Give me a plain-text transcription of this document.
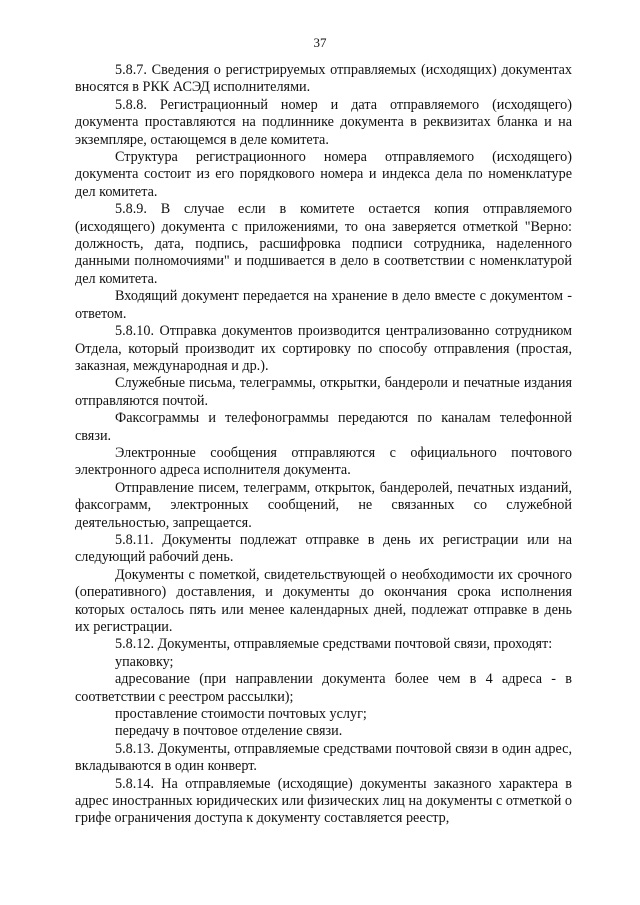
37

5.8.7. Сведения о регистрируемых отправляемых (исходящих) документах вносятся в РКК АСЭД исполнителями.

5.8.8. Регистрационный номер и дата отправляемого (исходящего) документа проставляются на подлиннике документа в реквизитах бланка и на экземпляре, остающемся в деле комитета.

Структура регистрационного номера отправляемого (исходящего) документа состоит из его порядкового номера и индекса дела по номенклатуре дел комитета.

5.8.9. В случае если в комитете остается копия отправляемого (исходящего) документа с приложениями, то она заверяется отметкой "Верно: должность, дата, подпись, расшифровка подписи сотрудника, наделенного данными полномочиями" и подшивается в дело в соответствии с номенклатурой дел комитета.

Входящий документ передается на хранение в дело вместе с документом - ответом.

5.8.10. Отправка документов производится централизованно сотрудником Отдела, который производит их сортировку по способу отправления (простая, заказная, международная и др.).

Служебные письма, телеграммы, открытки, бандероли и печатные издания отправляются почтой.

Факсограммы и телефонограммы передаются по каналам телефонной связи.

Электронные сообщения отправляются с официального почтового электронного адреса исполнителя документа.

Отправление писем, телеграмм, открыток, бандеролей, печатных изданий, факсограмм, электронных сообщений, не связанных со служебной деятельностью, запрещается.

5.8.11. Документы подлежат отправке в день их регистрации или на следующий рабочий день.

Документы с пометкой, свидетельствующей о необходимости их срочного (оперативного) доставления, и документы до окончания срока исполнения которых осталось пять или менее календарных дней, подлежат отправке в день их регистрации.

5.8.12. Документы, отправляемые средствами почтовой связи, проходят:

упаковку;

адресование (при направлении документа более чем в 4 адреса - в соответствии с реестром рассылки);

проставление стоимости почтовых услуг;

передачу в почтовое отделение связи.

5.8.13. Документы, отправляемые средствами почтовой связи в один адрес, вкладываются в один конверт.

5.8.14. На отправляемые (исходящие) документы заказного характера в адрес иностранных юридических или физических лиц на документы с отметкой о грифе ограничения доступа к документу составляется реестр,
